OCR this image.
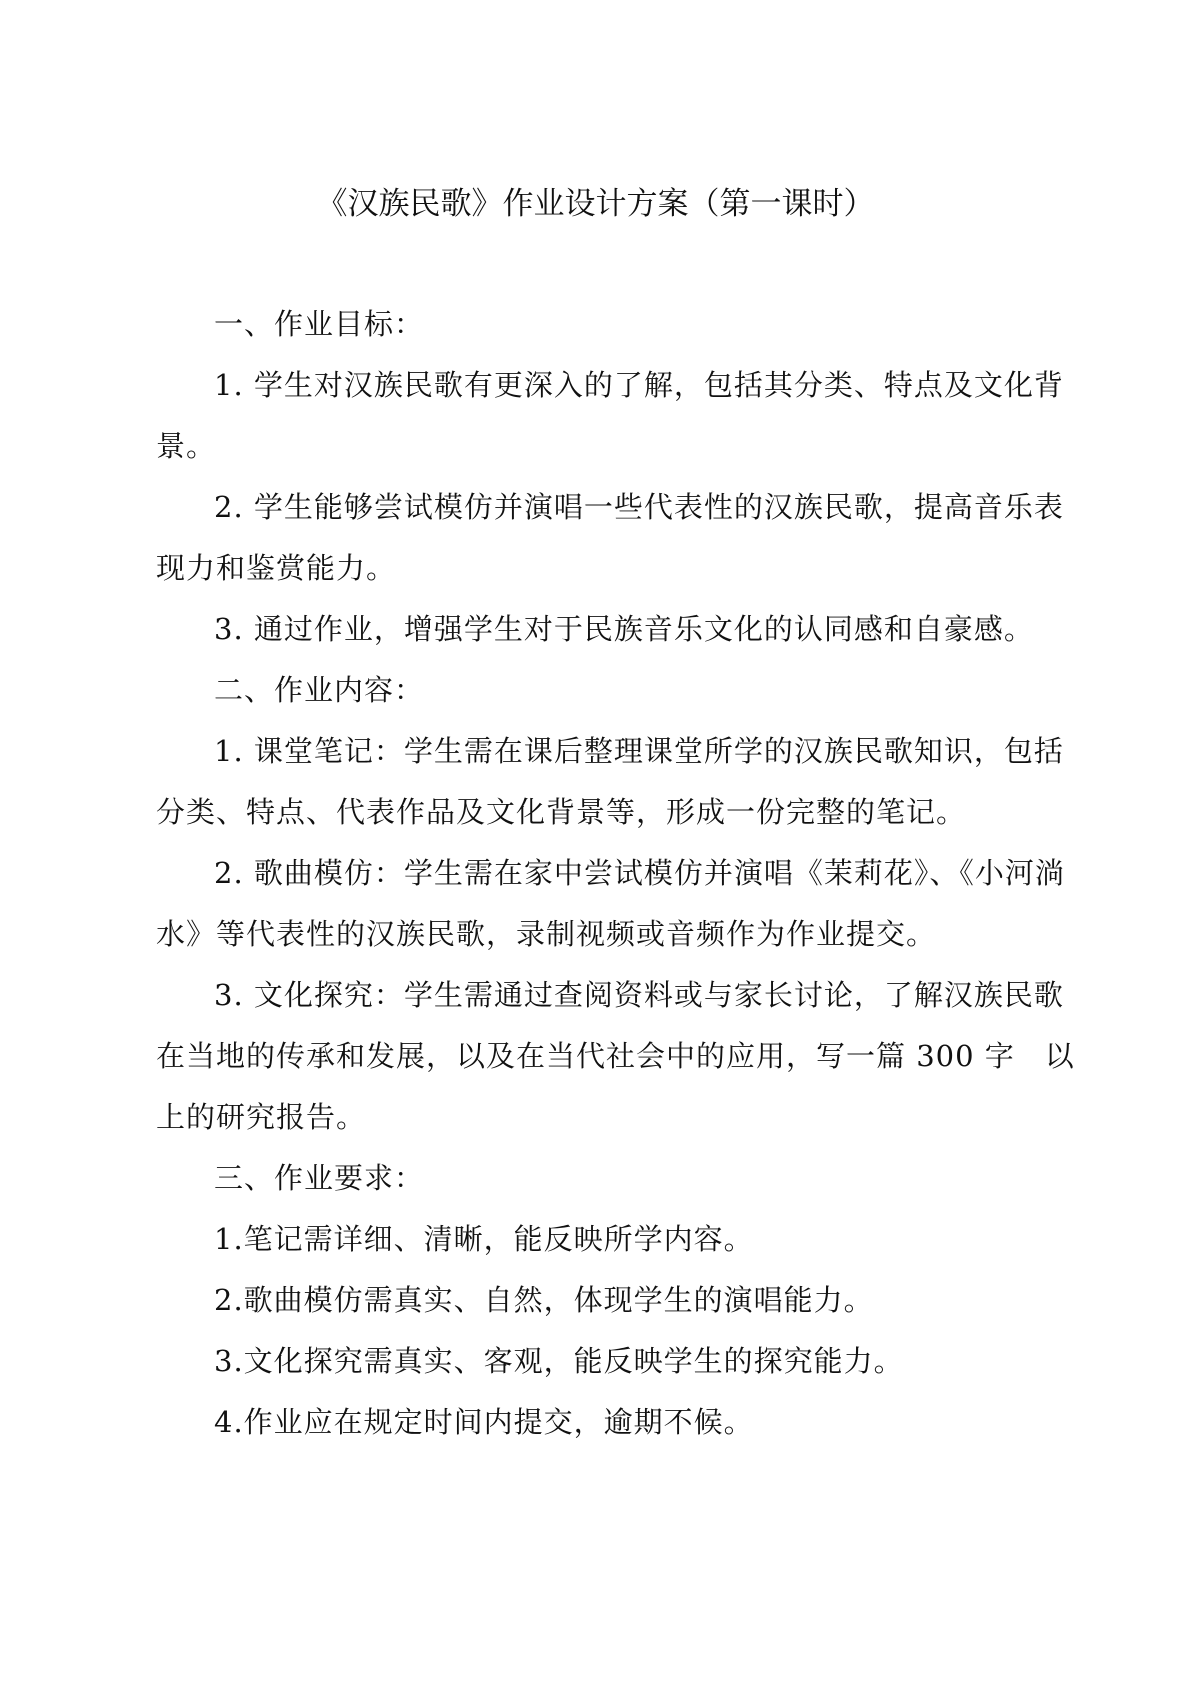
《汉族民歌》作业设计方案（第一课时）

一、作业目标：

1. 学生对汉族民歌有更深入的了解，包括其分类、特点及文化背景。

2. 学生能够尝试模仿并演唱一些代表性的汉族民歌，提高音乐表现力和鉴赏能力。

3. 通过作业，增强学生对于民族音乐文化的认同感和自豪感。

二、作业内容：

1. 课堂笔记：学生需在课后整理课堂所学的汉族民歌知识，包括分类、特点、代表作品及文化背景等，形成一份完整的笔记。

2. 歌曲模仿：学生需在家中尝试模仿并演唱《茉莉花》、《小河淌水》等代表性的汉族民歌，录制视频或音频作为作业提交。

3. 文化探究：学生需通过查阅资料或与家长讨论，了解汉族民歌在当地的传承和发展，以及在当代社会中的应用，写一篇 300 字　以上的研究报告。

三、作业要求：

1.笔记需详细、清晰，能反映所学内容。

2.歌曲模仿需真实、自然，体现学生的演唱能力。

3.文化探究需真实、客观，能反映学生的探究能力。

4.作业应在规定时间内提交，逾期不候。
